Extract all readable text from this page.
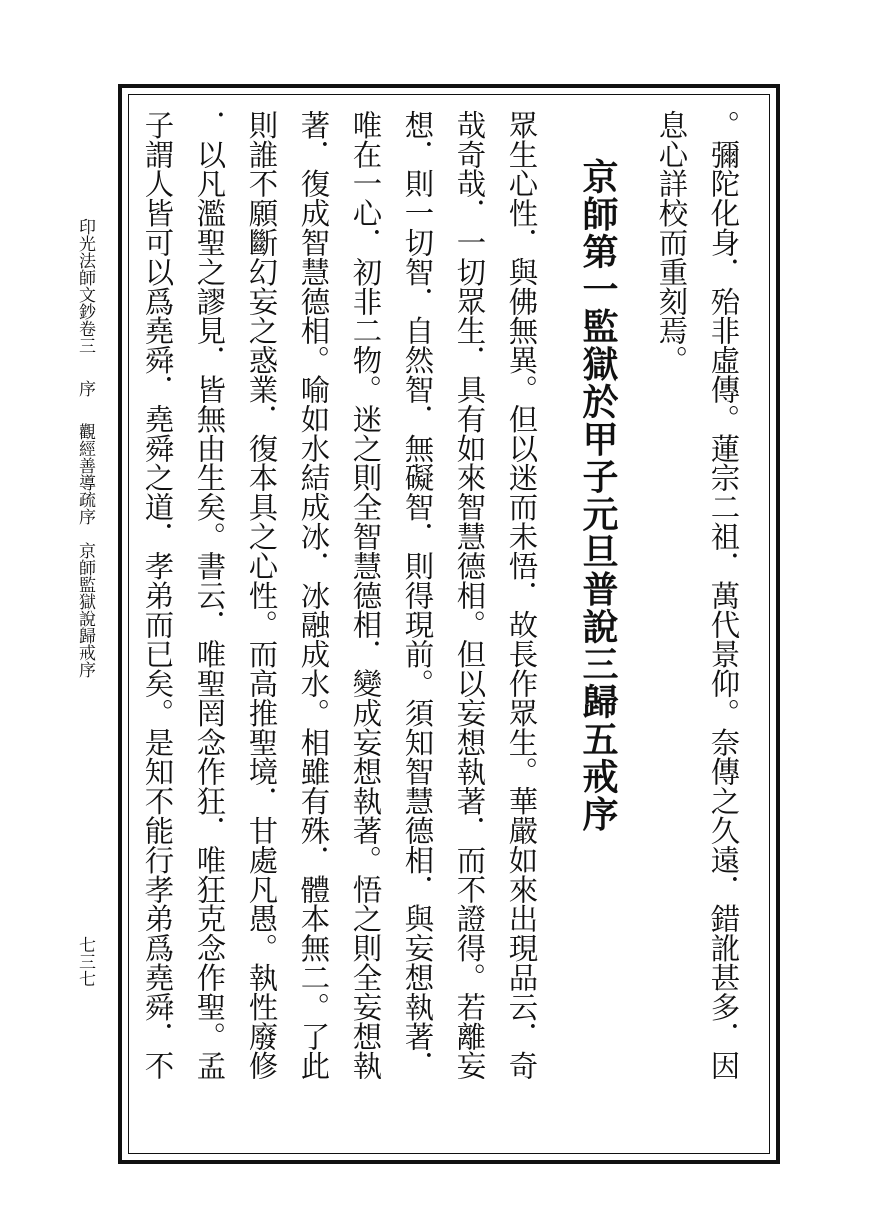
。彌陀化身．殆非虛傳。蓮宗二祖．萬代景仰。奈傳之久遠．錯訛甚多．因
息心詳校而重刻焉。
京師第一監獄於甲子元旦普說三歸五戒序
眾生心性．與佛無異。但以迷而未悟．故長作眾生。華嚴如來出現品云．奇
哉奇哉．一切眾生．具有如來智慧德相。但以妄想執著．而不證得。若離妄
想．則一切智．自然智．無礙智．則得現前。須知智慧德相．與妄想執著．
唯在一心．初非二物。迷之則全智慧德相．變成妄想執著。悟之則全妄想執
著．復成智慧德相。喻如水結成冰．冰融成水。相雖有殊．體本無二。了此
則誰不願斷幻妄之惑業．復本具之心性。而高推聖境．甘處凡愚。執性廢修
．以凡濫聖之謬見．皆無由生矣。書云．唯聖罔念作狂．唯狂克念作聖。孟
子謂人皆可以爲堯舜．堯舜之道．孝弟而已矣。是知不能行孝弟爲堯舜．不
印光法師文鈔卷三序觀經善導疏序　京師監獄說歸戒序
七三七
